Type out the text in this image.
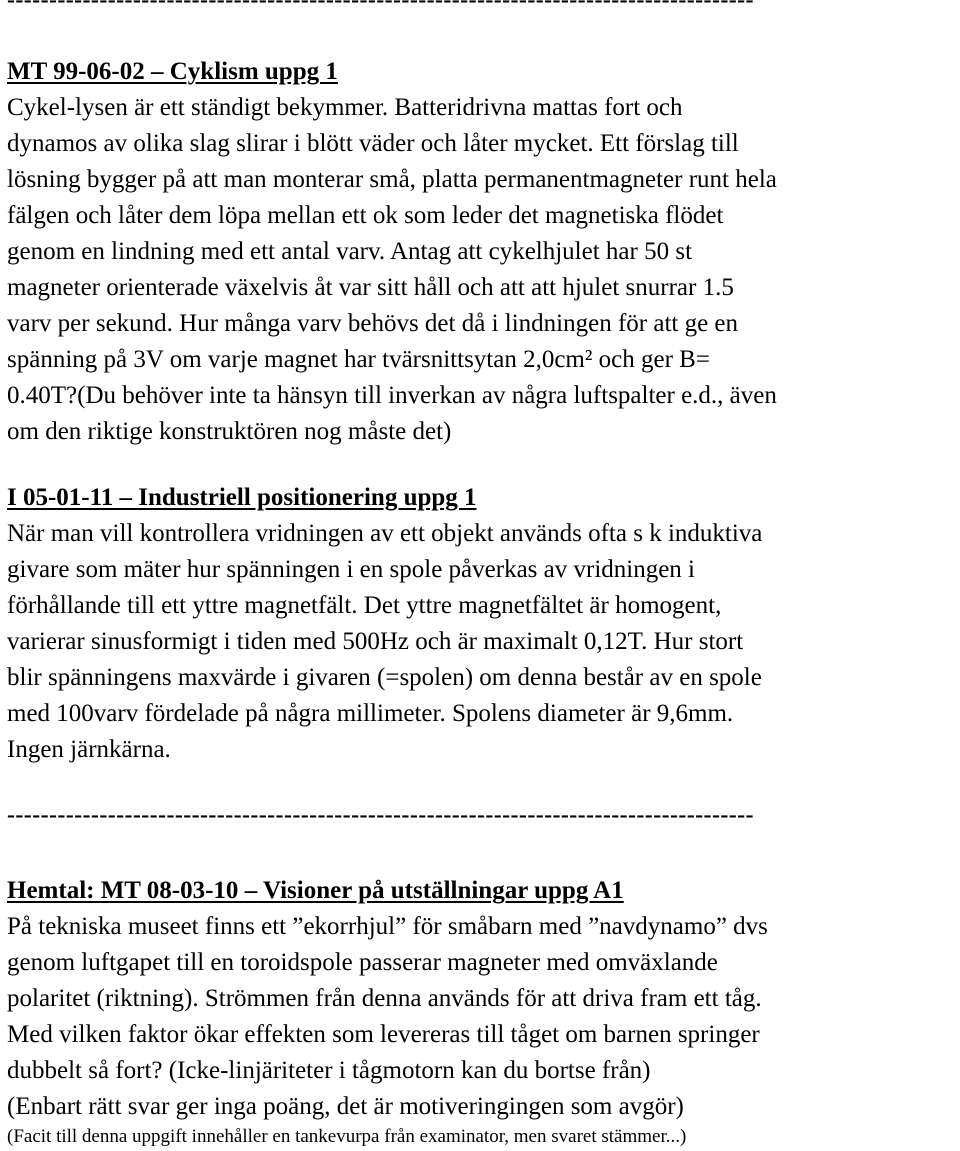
-----------------------------------------------------------------------------------------
MT 99-06-02 – Cyklism uppg 1
Cykel-lysen är ett ständigt bekymmer. Batteridrivna mattas fort och
dynamos av olika slag slirar i blött väder och låter mycket. Ett förslag till
lösning bygger på att man monterar små, platta permanentmagneter runt hela
fälgen och låter dem löpa mellan ett ok som leder det magnetiska flödet
genom en lindning med ett antal varv. Antag att cykelhjulet har 50 st
magneter orienterade växelvis åt var sitt håll och att att hjulet snurrar 1.5
varv per sekund. Hur många varv behövs det då i lindningen för att ge en
spänning på 3V om varje magnet har tvärsnittsytan 2,0cm² och ger B=
0.40T?(Du behöver inte ta hänsyn till inverkan av några luftspalter e.d., även
om den riktige konstruktören nog måste det)
I 05-01-11 – Industriell positionering uppg 1
När man vill kontrollera vridningen av ett objekt används ofta s k induktiva
givare som mäter hur spänningen i en spole påverkas av vridningen i
förhållande till ett yttre magnetfält. Det yttre magnetfältet är homogent,
varierar sinusformigt i tiden med 500Hz och är maximalt 0,12T. Hur stort
blir spänningens maxvärde i givaren (=spolen) om denna består av en spole
med 100varv fördelade på några millimeter. Spolens diameter är 9,6mm.
Ingen järnkärna.
-----------------------------------------------------------------------------------------
Hemtal: MT 08-03-10 – Visioner på utställningar uppg A1
På tekniska museet finns ett ”ekorrhjul” för småbarn med ”navdynamo” dvs
genom luftgapet till en toroidspole passerar magneter med omväxlande
polaritet (riktning). Strömmen från denna används för att driva fram ett tåg.
Med vilken faktor ökar effekten som levereras till tåget om barnen springer
dubbelt så fort? (Icke-linjäriteter i tågmotorn kan du bortse från)
(Enbart rätt svar ger inga poäng, det är motiveringingen som avgör)
(Facit till denna uppgift innehåller en tankevurpa från examinator, men svaret stämmer...)
